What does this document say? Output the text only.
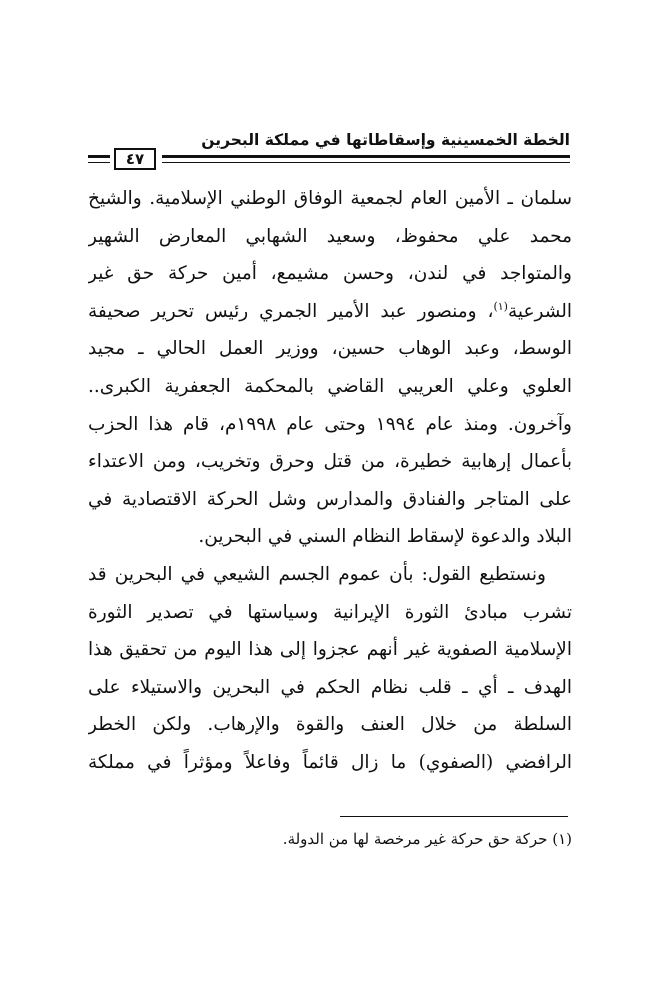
الخطة الخمسينية وإسقاطاتها في مملكة البحرين
٤٧
سلمان ـ الأمين العام لجمعية الوفاق الوطني الإسلامية. والشيخ
محمد علي محفوظ، وسعيد الشهابي المعارض الشهير
والمتواجد في لندن، وحسن مشيمع، أمين حركة حق غير
الشرعية$^{(١)}$، ومنصور عبد الأمير الجمري رئيس تحرير صحيفة
الوسط، وعبد الوهاب حسين، ووزير العمل الحالي ـ مجيد
العلوي وعلي العريبي القاضي بالمحكمة الجعفرية الكبرى..
وآخرون. ومنذ عام ١٩٩٤ وحتى عام ١٩٩٨م، قام هذا الحزب
بأعمال إرهابية خطيرة، من قتل وحرق وتخريب، ومن الاعتداء
على المتاجر والفنادق والمدارس وشل الحركة الاقتصادية في
البلاد والدعوة لإسقاط النظام السني في البحرين.
ونستطيع القول: بأن عموم الجسم الشيعي في البحرين قد
تشرب مبادئ الثورة الإيرانية وسياستها في تصدير الثورة
الإسلامية الصفوية غير أنهم عجزوا إلى هذا اليوم من تحقيق هذا
الهدف ـ أي ـ قلب نظام الحكم في البحرين والاستيلاء على
السلطة من خلال العنف والقوة والإرهاب. ولكن الخطر
الرافضي (الصفوي) ما زال قائماً وفاعلاً ومؤثراً في مملكة
(١) حركة حق حركة غير مرخصة لها من الدولة.
